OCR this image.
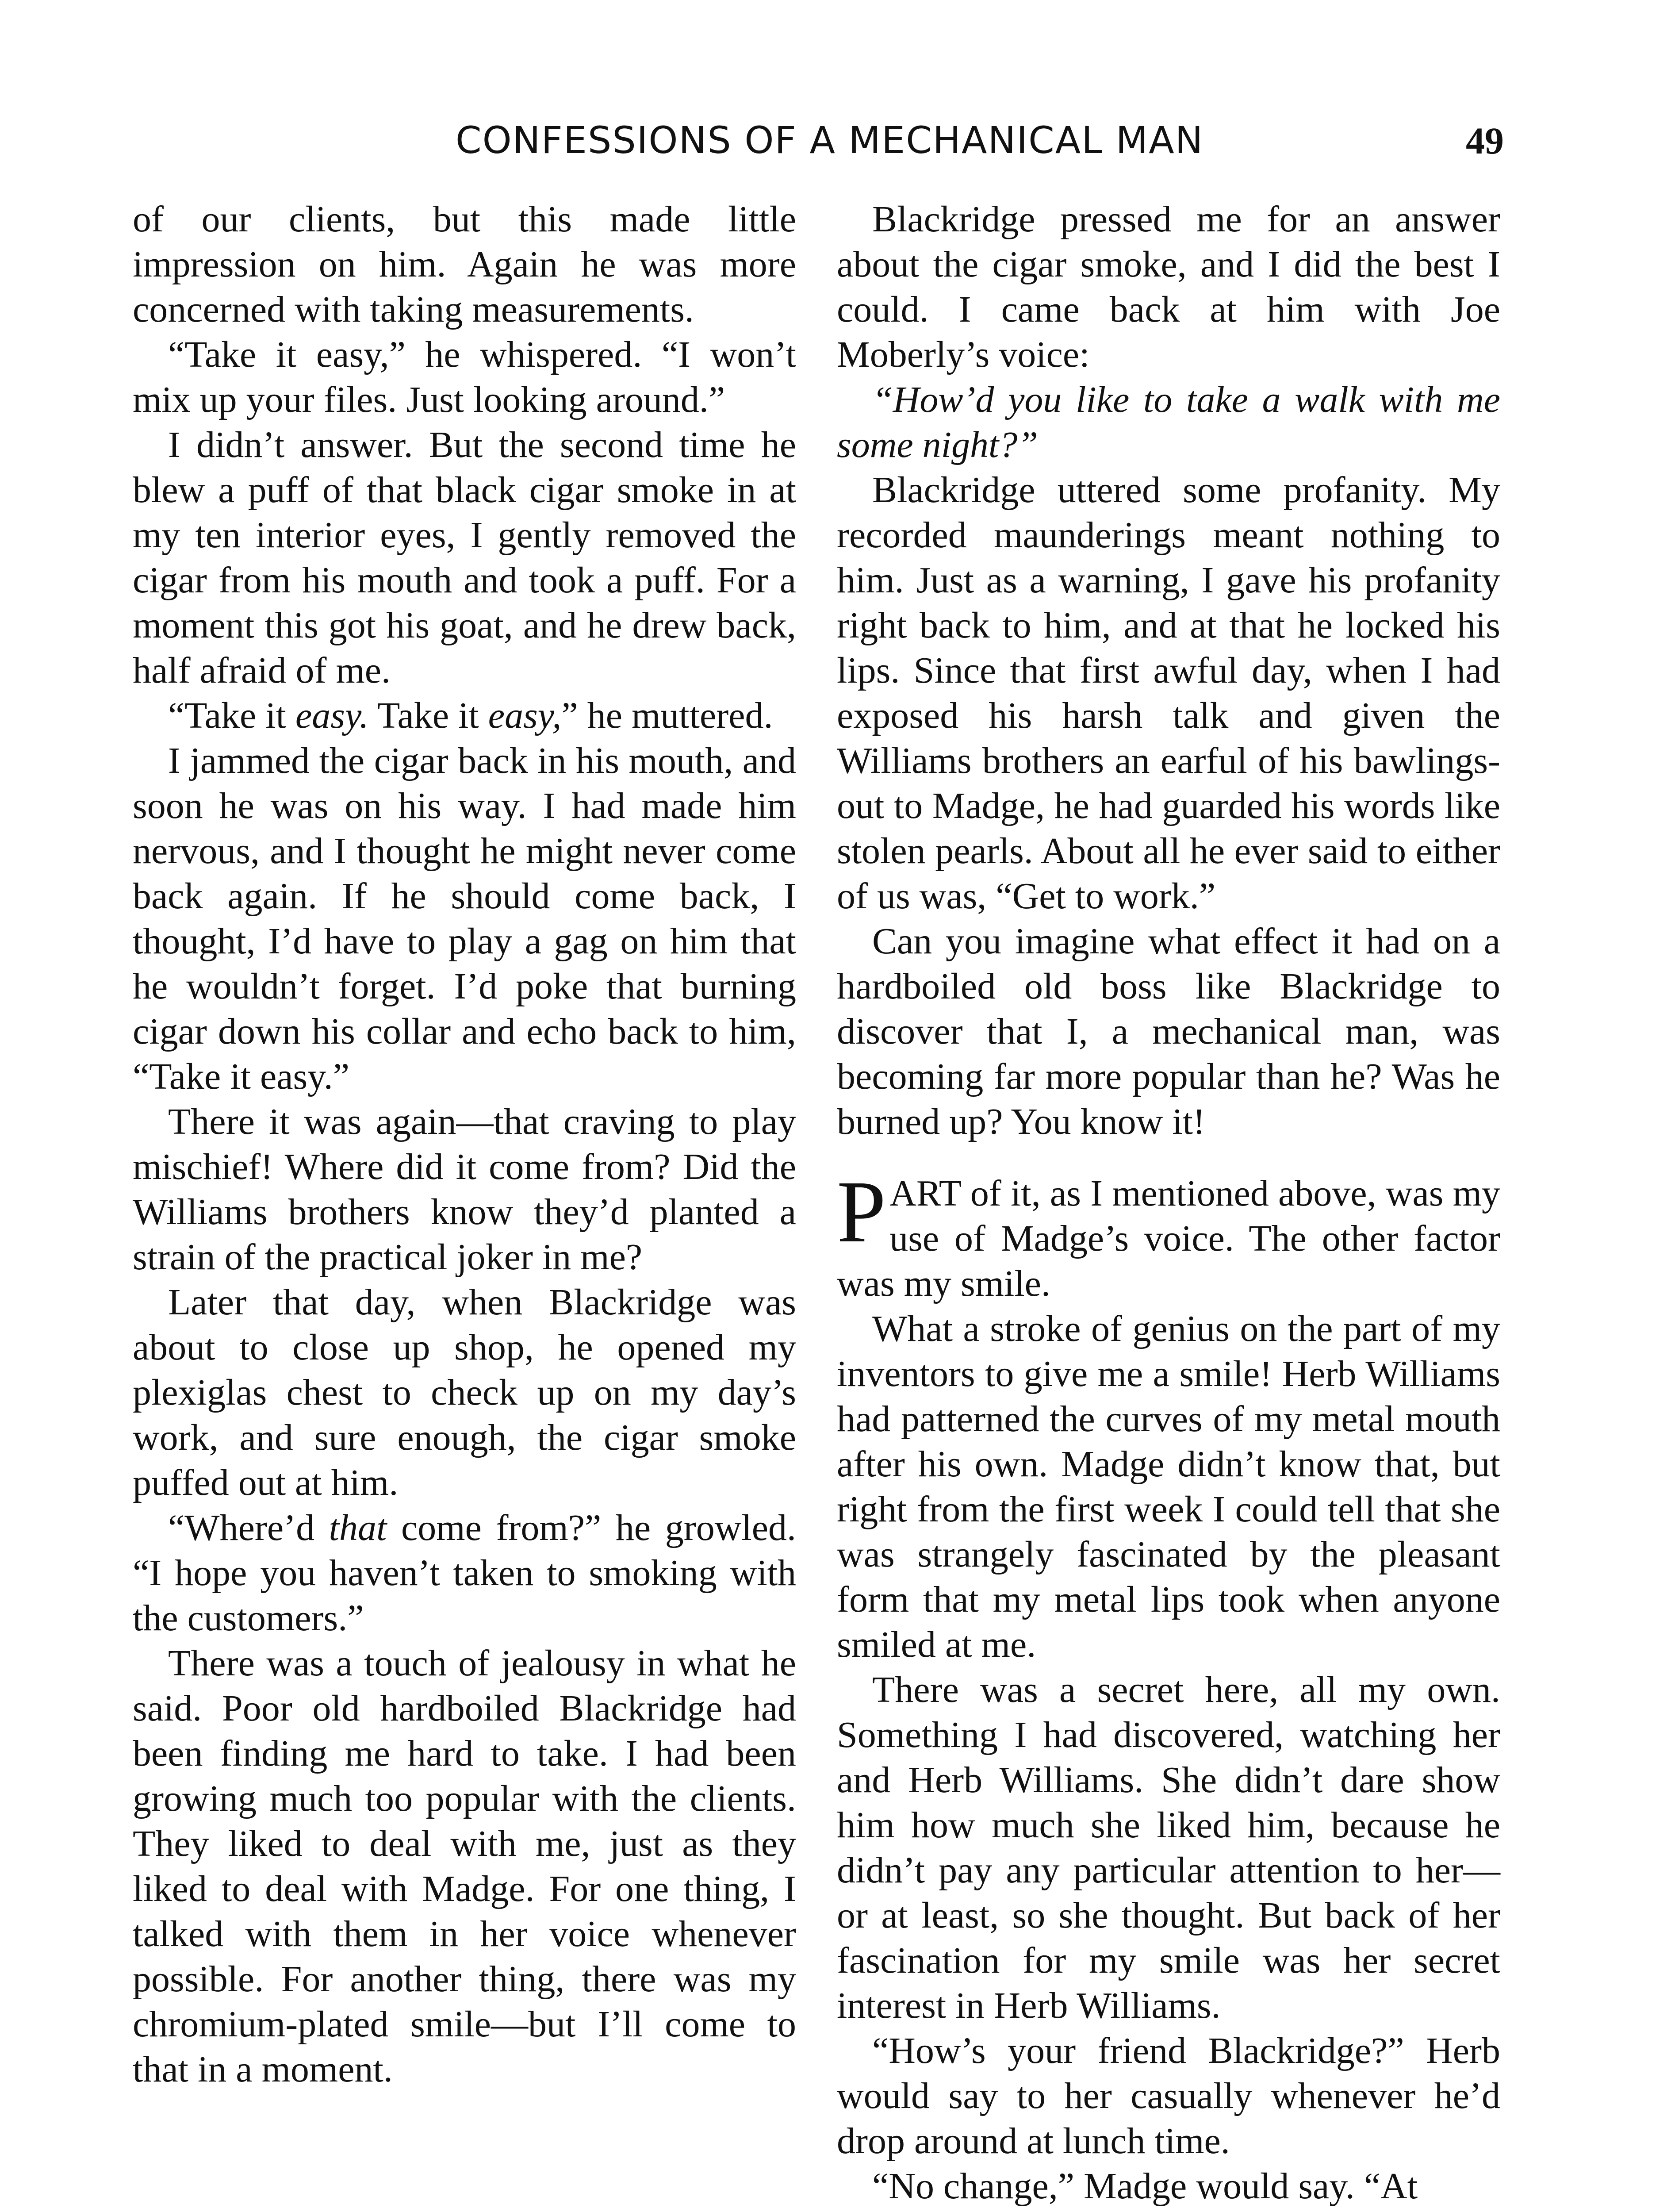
CONFESSIONS OF A MECHANICAL MAN	49

of our clients, but this made little impression on him. Again he was more concerned with taking measurements.

“Take it easy,” he whispered. “I won’t mix up your files. Just looking around.”

I didn’t answer. But the second time he blew a puff of that black cigar smoke in at my ten interior eyes, I gently removed the cigar from his mouth and took a puff. For a moment this got his goat, and he drew back, half afraid of me.

“Take it easy. Take it easy,” he muttered.

I jammed the cigar back in his mouth, and soon he was on his way. I had made him nervous, and I thought he might never come back again. If he should come back, I thought, I’d have to play a gag on him that he wouldn’t forget. I’d poke that burning cigar down his collar and echo back to him, “Take it easy.”

There it was again—that craving to play mischief! Where did it come from? Did the Williams brothers know they’d planted a strain of the practical joker in me?

Later that day, when Blackridge was about to close up shop, he opened my plexiglas chest to check up on my day’s work, and sure enough, the cigar smoke puffed out at him.

“Where’d that come from?” he growled. “I hope you haven’t taken to smoking with the customers.”

There was a touch of jealousy in what he said. Poor old hardboiled Blackridge had been finding me hard to take. I had been growing much too popular with the clients. They liked to deal with me, just as they liked to deal with Madge. For one thing, I talked with them in her voice whenever possible. For another thing, there was my chromium-plated smile—but I’ll come to that in a moment.

Blackridge pressed me for an answer about the cigar smoke, and I did the best I could. I came back at him with Joe Moberly’s voice:

“How’d you like to take a walk with me some night?”

Blackridge uttered some profanity. My recorded maunderings meant nothing to him. Just as a warning, I gave his profanity right back to him, and at that he locked his lips. Since that first awful day, when I had exposed his harsh talk and given the Williams brothers an earful of his bawlings-out to Madge, he had guarded his words like stolen pearls. About all he ever said to either of us was, “Get to work.”

Can you imagine what effect it had on a hardboiled old boss like Blackridge to discover that I, a mechanical man, was becoming far more popular than he? Was he burned up? You know it!

PART of it, as I mentioned above, was my use of Madge’s voice. The other factor was my smile.

What a stroke of genius on the part of my inventors to give me a smile! Herb Williams had patterned the curves of my metal mouth after his own. Madge didn’t know that, but right from the first week I could tell that she was strangely fascinated by the pleasant form that my metal lips took when anyone smiled at me.

There was a secret here, all my own. Something I had discovered, watching her and Herb Williams. She didn’t dare show him how much she liked him, because he didn’t pay any particular attention to her—or at least, so she thought. But back of her fascination for my smile was her secret interest in Herb Williams.

“How’s your friend Blackridge?” Herb would say to her casually whenever he’d drop around at lunch time.

“No change,” Madge would say. “At
